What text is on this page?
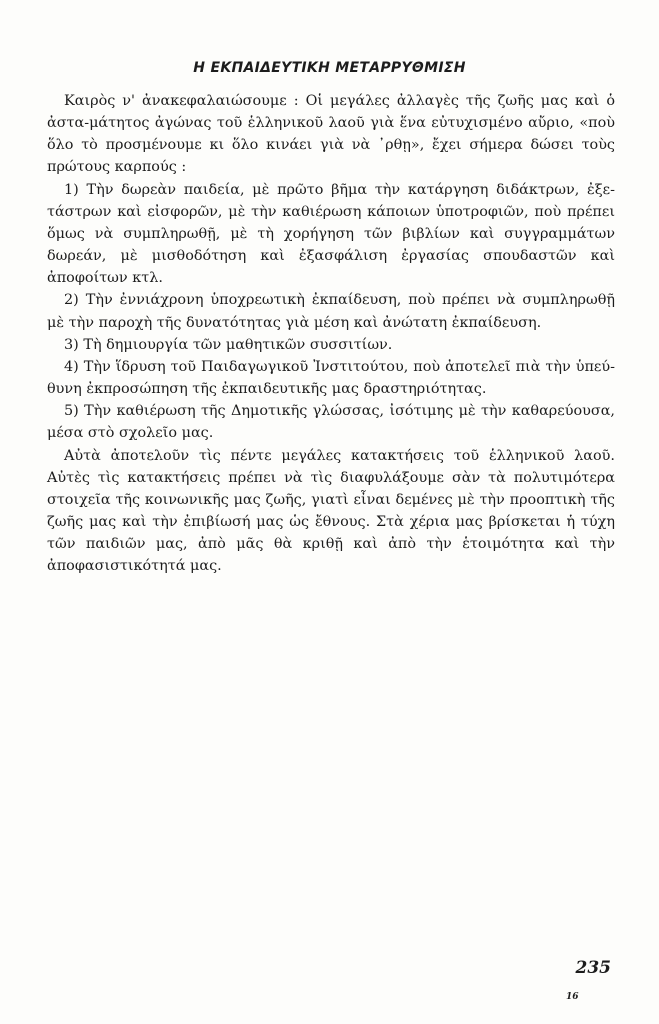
Η ΕΚΠΑΙΔΕΥΤΙΚΗ ΜΕΤΑΡΡΥΘΜΙΣΗ

Καιρὸς ν' ἀνακεφαλαιώσουμε : Οἱ μεγάλες ἀλλαγὲς τῆς ζωῆς μας καὶ ὁ ἀστα-μάτητος ἀγώνας τοῦ ἑλληνικοῦ λαοῦ γιὰ ἕνα εὐτυχισμένο αὔριο, «ποὺ ὅλο τὸ προσμένουμε κι ὅλο κινάει γιὰ νὰ ᾽ρθῃ», ἔχει σήμερα δώσει τοὺς πρώτους καρπούς :

1) Τὴν δωρεὰν παιδεία, μὲ πρῶτο βῆμα τὴν κατάργηση διδάκτρων, ἐξε-τάστρων καὶ εἰσφορῶν, μὲ τὴν καθιέρωση κάποιων ὑποτροφιῶν, ποὺ πρέπει ὅμως νὰ συμπληρωθῇ, μὲ τὴ χορήγηση τῶν βιβλίων καὶ συγγραμμάτων δωρεάν, μὲ μισθοδότηση καὶ ἐξασφάλιση ἐργασίας σπουδαστῶν καὶ ἀποφοίτων κτλ.

2) Τὴν ἐννιάχρονη ὑποχρεωτικὴ ἐκπαίδευση, ποὺ πρέπει νὰ συμπληρωθῇ μὲ τὴν παροχὴ τῆς δυνατότητας γιὰ μέση καὶ ἀνώτατη ἐκπαίδευση.

3) Τὴ δημιουργία τῶν μαθητικῶν συσσιτίων.

4) Τὴν ἵδρυση τοῦ Παιδαγωγικοῦ Ἰνστιτούτου, ποὺ ἀποτελεῖ πιὰ τὴν ὑπεύ-θυνη ἐκπροσώπηση τῆς ἐκπαιδευτικῆς μας δραστηριότητας.

5) Τὴν καθιέρωση τῆς Δημοτικῆς γλώσσας, ἰσότιμης μὲ τὴν καθαρεύουσα, μέσα στὸ σχολεῖο μας.

Αὐτὰ ἀποτελοῦν τὶς πέντε μεγάλες κατακτήσεις τοῦ ἑλληνικοῦ λαοῦ. Αὐτὲς τὶς κατακτήσεις πρέπει νὰ τὶς διαφυλάξουμε σὰν τὰ πολυτιμότερα στοιχεῖα τῆς κοινωνικῆς μας ζωῆς, γιατὶ εἶναι δεμένες μὲ τὴν προοπτικὴ τῆς ζωῆς μας καὶ τὴν ἐπιβίωσή μας ὡς ἔθνους. Στὰ χέρια μας βρίσκεται ἡ τύχη τῶν παιδιῶν μας, ἀπὸ μᾶς θὰ κριθῇ καὶ ἀπὸ τὴν ἑτοιμότητα καὶ τὴν ἀποφασιστικότητά μας.

235
16
